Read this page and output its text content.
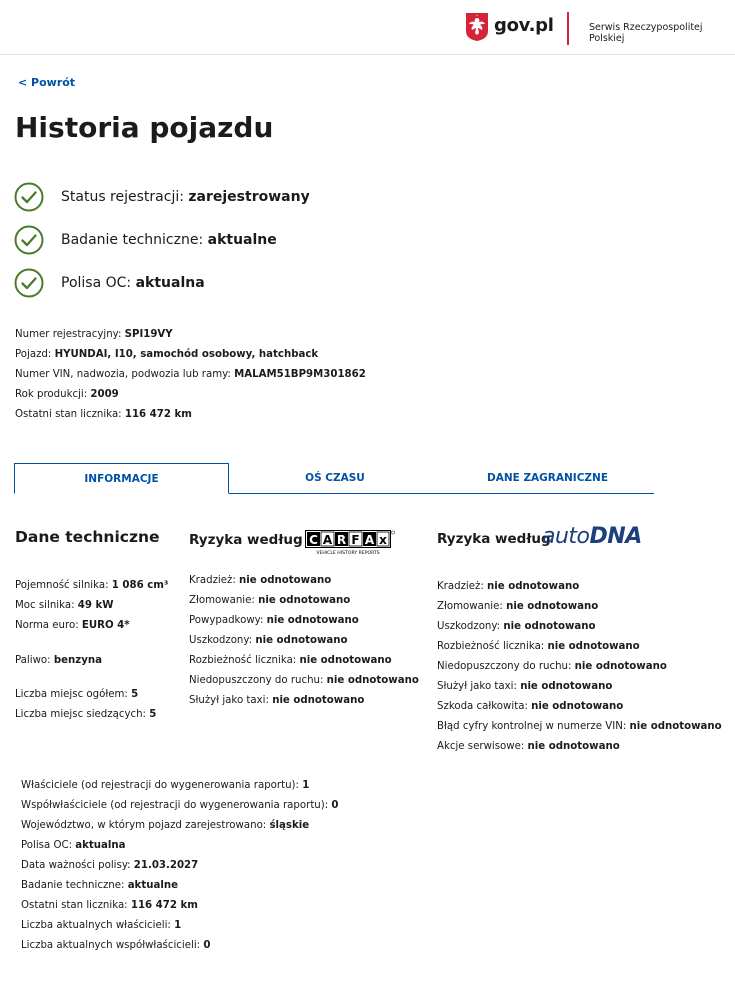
gov.pl	Serwis Rzeczypospolitej Polskiej
< Powrót
Historia pojazdu
Status rejestracji: zarejestrowany
Badanie techniczne: aktualne
Polisa OC: aktualna
Numer rejestracyjny: SPI19VY
Pojazd: HYUNDAI, I10, samochód osobowy, hatchback
Numer VIN, nadwozia, podwozia lub ramy: MALAM51BP9M301862
Rok produkcji: 2009
Ostatni stan licznika: 116 472 km
INFORMACJE	OŚ CZASU	DANE ZAGRANICZNE
Dane techniczne
Pojemność silnika: 1 086 cm³
Moc silnika: 49 kW
Norma euro: EURO 4*
Paliwo: benzyna
Liczba miejsc ogółem: 5
Liczba miejsc siedzących: 5
Ryzyka według C A R F A x
VEHICLE HISTORY REPORTS
Kradzież: nie odnotowano
Złomowanie: nie odnotowano
Powypadkowy: nie odnotowano
Uszkodzony: nie odnotowano
Rozbieżność licznika: nie odnotowano
Niedopuszczony do ruchu: nie odnotowano
Służył jako taxi: nie odnotowano
Ryzyka według
autoDNA
Kradzież: nie odnotowano
Złomowanie: nie odnotowano
Uszkodzony: nie odnotowano
Rozbieżność licznika: nie odnotowano
Niedopuszczony do ruchu: nie odnotowano
Służył jako taxi: nie odnotowano
Szkoda całkowita: nie odnotowano
Błąd cyfry kontrolnej w numerze VIN: nie odnotowano
Akcje serwisowe: nie odnotowano
Właściciele (od rejestracji do wygenerowania raportu): 1
Współwłaściciele (od rejestracji do wygenerowania raportu): 0
Województwo, w którym pojazd zarejestrowano: śląskie
Polisa OC: aktualna
Data ważności polisy: 21.03.2027
Badanie techniczne: aktualne
Ostatni stan licznika: 116 472 km
Liczba aktualnych właścicieli: 1
Liczba aktualnych współwłaścicieli: 0
